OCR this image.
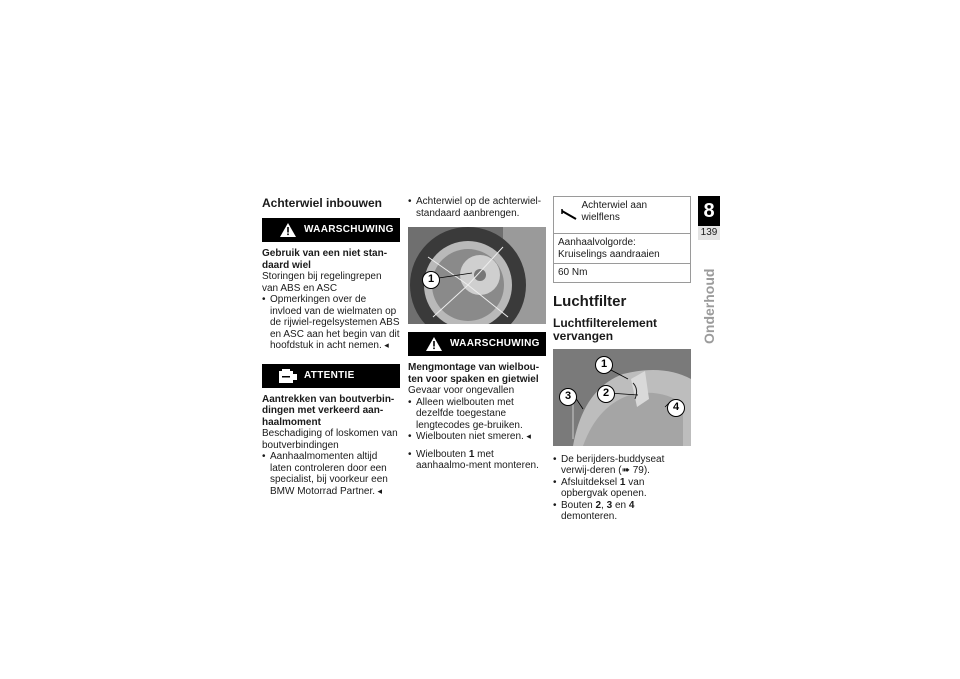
Achterwiel inbouwen
WAARSCHUWING

Gebruik van een niet stan-daard wiel

Storingen bij regelingrepen van ABS en ASC

• Opmerkingen over de invloed van de wielmaten op de rijwiel-regelsystemen ABS en ASC aan het begin van dit hoofdstuk in acht nemen. ◂
ATTENTIE

Aantrekken van boutverbin-dingen met verkeerd aan-haalmoment

Beschadiging of loskomen van boutverbindingen

• Aanhaalmomenten altijd laten controleren door een specialist, bij voorkeur een BMW Motorrad Partner. ◂
• Achterwiel op de achterwiel-standaard aanbrengen.
1
WAARSCHUWING

Mengmontage van wielbou-ten voor spaken en gietwiel

Gevaar voor ongevallen

• Alleen wielbouten met dezelfde toegestane lengtecodes ge-bruiken.
• Wielbouten niet smeren. ◂
• Wielbouten 1 met aanhaalmo-ment monteren.
Achterwiel aan wielflens
Aanhaalvolgorde: Kruiselings aandraaien
60 Nm
Luchtfilter
Luchtfilterelement vervangen
1
2
3
4
• De berijders-buddyseat verwij-deren (➠ 79).
• Afsluitdeksel 1 van opbergvak openen.
• Bouten 2, 3 en 4 demonteren.
8
139
Onderhoud
